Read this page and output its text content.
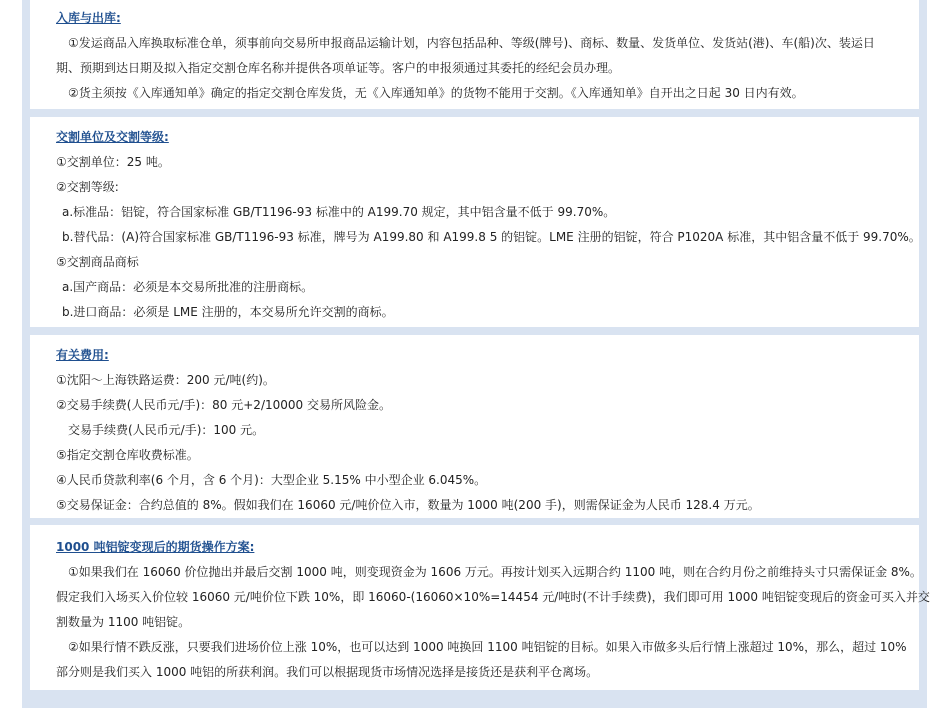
入库与出库:
①发运商品入库换取标准仓单，须事前向交易所申报商品运输计划，内容包括品种、等级(牌号)、商标、数量、发货单位、发货站(港)、车(船)次、装运日
期、预期到达日期及拟入指定交割仓库名称并提供各项单证等。客户的申报须通过其委托的经纪会员办理。
②货主须按《入库通知单》确定的指定交割仓库发货，无《入库通知单》的货物不能用于交割。《入库通知单》自开出之日起 30 日内有效。
交割单位及交割等级:
①交割单位：25 吨。
②交割等级:
a.标准品：铝锭，符合国家标准 GB/T1196-93 标准中的 A199.70 规定，其中铝含量不低于 99.70%。
b.替代品：(A)符合国家标准 GB/T1196-93 标准，牌号为 A199.80 和 A199.8 5 的铝锭。LME 注册的铝锭，符合 P1020A 标准，其中铝含量不低于 99.70%。
⑤交割商品商标
a.国产商品：必须是本交易所批准的注册商标。
b.进口商品：必须是 LME 注册的，本交易所允许交割的商标。
有关费用:
①沈阳～上海铁路运费：200 元/吨(约)。
②交易手续费(人民币元/手)：80 元+2/10000 交易所风险金。
交易手续费(人民币元/手)：100 元。
⑤指定交割仓库收费标准。
④人民币贷款利率(6 个月，含 6 个月)：大型企业 5.15% 中小型企业 6.045%。
⑤交易保证金：合约总值的 8%。假如我们在 16060 元/吨价位入市，数量为 1000 吨(200 手)，则需保证金为人民币 128.4 万元。
1000 吨铝锭变现后的期货操作方案:
①如果我们在 16060 价位抛出并最后交割 1000 吨，则变现资金为 1606 万元。再按计划买入远期合约 1100 吨，则在合约月份之前维持头寸只需保证金 8%。
假定我们入场买入价位较 16060 元/吨价位下跌 10%，即 16060-(16060×10%=14454 元/吨时(不计手续费)，我们即可用 1000 吨铝锭变现后的资金可买入并交
割数量为 1100 吨铝锭。
②如果行情不跌反涨，只要我们进场价位上涨 10%，也可以达到 1000 吨换回 1100 吨铝锭的目标。如果入市做多头后行情上涨超过 10%，那么，超过 10%
部分则是我们买入 1000 吨铝的所获利润。我们可以根据现货市场情况选择是接货还是获利平仓离场。
